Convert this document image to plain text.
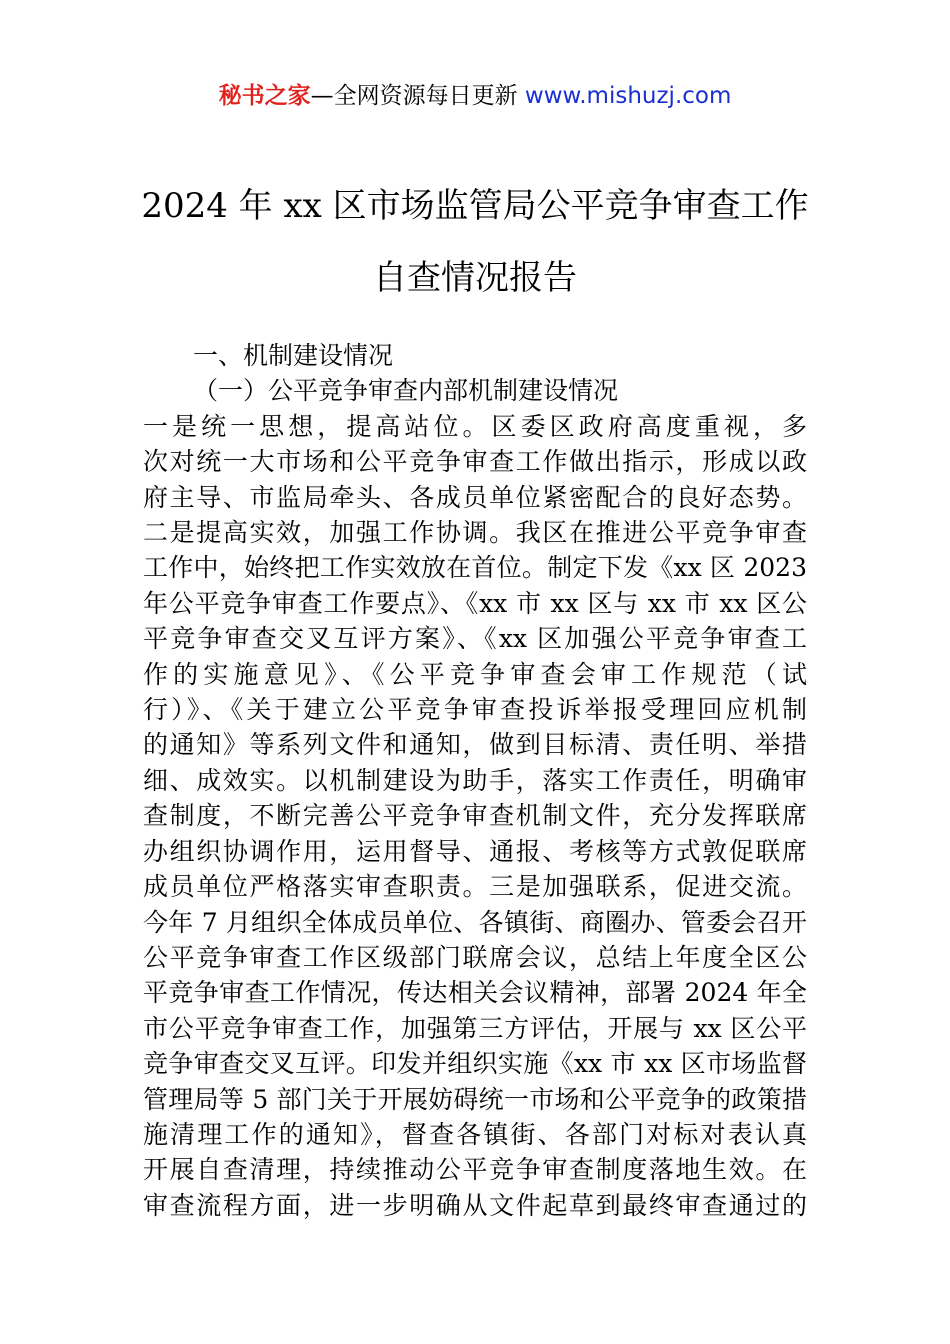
秘书之家—全网资源每日更新 www.mishuzj.com
2024 年 xx 区市场监管局公平竞争审查工作
自查情况报告
一、机制建设情况
（一）公平竞争审查内部机制建设情况
一是统一思想，提高站位。区委区政府高度重视，多
次对统一大市场和公平竞争审查工作做出指示，形成以政
府主导、市监局牵头、各成员单位紧密配合的良好态势。
二是提高实效，加强工作协调。我区在推进公平竞争审查
工作中，始终把工作实效放在首位。制定下发《xx 区 2023
年公平竞争审查工作要点》、《xx 市 xx 区与 xx 市 xx 区公
平竞争审查交叉互评方案》、《xx 区加强公平竞争审查工
作的实施意见》、《公平竞争审查会审工作规范（试
行）》、《关于建立公平竞争审查投诉举报受理回应机制
的通知》等系列文件和通知，做到目标清、责任明、举措
细、成效实。以机制建设为助手，落实工作责任，明确审
查制度，不断完善公平竞争审查机制文件，充分发挥联席
办组织协调作用，运用督导、通报、考核等方式敦促联席
成员单位严格落实审查职责。三是加强联系，促进交流。
今年 7 月组织全体成员单位、各镇街、商圈办、管委会召开
公平竞争审查工作区级部门联席会议，总结上年度全区公
平竞争审查工作情况，传达相关会议精神，部署 2024 年全
市公平竞争审查工作，加强第三方评估，开展与 xx 区公平
竞争审查交叉互评。印发并组织实施《xx 市 xx 区市场监督
管理局等 5 部门关于开展妨碍统一市场和公平竞争的政策措
施清理工作的通知》，督查各镇街、各部门对标对表认真
开展自查清理，持续推动公平竞争审查制度落地生效。在
审查流程方面，进一步明确从文件起草到最终审查通过的
